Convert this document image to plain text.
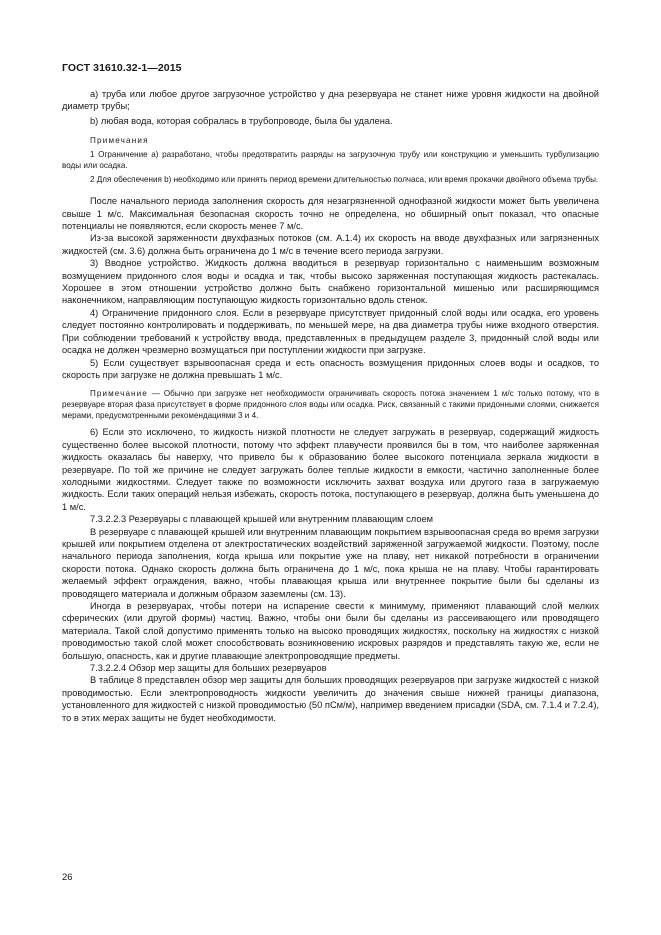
ГОСТ 31610.32-1—2015

а) труба или любое другое загрузочное устройство у дна резервуара не станет ниже уровня жидкости на двойной диаметр трубы;

b) любая вода, которая собралась в трубопроводе, была бы удалена.

Примечания

1 Ограничение а) разработано, чтобы предотвратить разряды на загрузочную трубу или конструкцию и уменьшить турбулизацию воды или осадка.

2 Для обеспечения b) необходимо или принять период времени длительностью полчаса, или время прокачки двойного объема трубы.

После начального периода заполнения скорость для незагрязненной однофазной жидкости может быть увеличена свыше 1 м/с. Максимальная безопасная скорость точно не определена, но обширный опыт показал, что опасные потенциалы не появляются, если скорость менее 7 м/с.

Из-за высокой заряженности двухфазных потоков (см. А.1.4) их скорость на вводе двухфазных или загрязненных жидкостей (см. 3.6) должна быть ограничена до 1 м/с в течение всего периода загрузки.

3) Вводное устройство. Жидкость должна вводиться в резервуар горизонтально с наименьшим возможным возмущением придонного слоя воды и осадка и так, чтобы высоко заряженная поступающая жидкость растекалась. Хорошее в этом отношении устройство должно быть снабжено горизонтальной мишенью или расширяющимся наконечником, направляющим поступающую жидкость горизонтально вдоль стенок.

4) Ограничение придонного слоя. Если в резервуаре присутствует придонный слой воды или осадка, его уровень следует постоянно контролировать и поддерживать, по меньшей мере, на два диаметра трубы ниже входного отверстия. При соблюдении требований к устройству ввода, представленных в предыдущем разделе 3, придонный слой воды или осадка не должен чрезмерно возмущаться при поступлении жидкости при загрузке.

5) Если существует взрывоопасная среда и есть опасность возмущения придонных слоев воды и осадков, то скорость при загрузке не должна превышать 1 м/с.

Примечание — Обычно при загрузке нет необходимости ограничивать скорость потока значением 1 м/с только потому, что в резервуаре вторая фаза присутствует в форме придонного слоя воды или осадка. Риск, связанный с такими придонными слоями, снижается мерами, предусмотренными рекомендациями 3 и 4.

6) Если это исключено, то жидкость низкой плотности не следует загружать в резервуар, содержащий жидкость существенно более высокой плотности, потому что эффект плавучести проявился бы в том, что наиболее заряженная жидкость оказалась бы наверху, что привело бы к образованию более высокого потенциала зеркала жидкости в резервуаре. По той же причине не следует загружать более теплые жидкости в емкости, частично заполненные более холодными жидкостями. Следует также по возможности исключить захват воздуха или другого газа в загружаемую жидкость. Если таких операций нельзя избежать, скорость потока, поступающего в резервуар, должна быть уменьшена до 1 м/с.

7.3.2.2.3 Резервуары с плавающей крышей или внутренним плавающим слоем

В резервуаре с плавающей крышей или внутренним плавающим покрытием взрывоопасная среда во время загрузки крышей или покрытием отделена от электростатических воздействий заряженной загружаемой жидкости. Поэтому, после начального периода заполнения, когда крыша или покрытие уже на плаву, нет никакой потребности в ограничении скорости потока. Однако скорость должна быть ограничена до 1 м/с, пока крыша не на плаву. Чтобы гарантировать желаемый эффект ограждения, важно, чтобы плавающая крыша или внутреннее покрытие были бы сделаны из проводящего материала и должным образом заземлены (см. 13).

Иногда в резервуарах, чтобы потери на испарение свести к минимуму, применяют плавающий слой мелких сферических (или другой формы) частиц. Важно, чтобы они были бы сделаны из рассеивающего или проводящего материала. Такой слой допустимо применять только на высоко проводящих жидкостях, поскольку на жидкостях с низкой проводимостью такой слой может способствовать возникновению искровых разрядов и представлять такую же, если не большую, опасность, как и другие плавающие электропроводящие предметы.

7.3.2.2.4 Обзор мер защиты для больших резервуаров

В таблице 8 представлен обзор мер защиты для больших проводящих резервуаров при загрузке жидкостей с низкой проводимостью. Если электропроводность жидкости увеличить до значения свыше нижней границы диапазона, установленного для жидкостей с низкой проводимостью (50 пСм/м), например введением присадки (SDA, см. 7.1.4 и 7.2.4), то в этих мерах защиты не будет необходимости.

26
